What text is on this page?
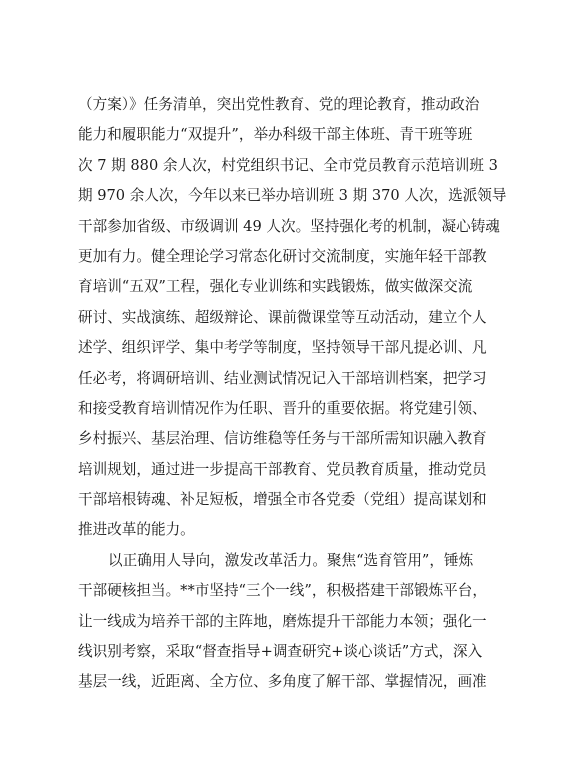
（方案）》任务清单，突出党性教育、党的理论教育，推动政治
能力和履职能力“双提升”，举办科级干部主体班、青干班等班
次 7 期 880 余人次，村党组织书记、全市党员教育示范培训班 3
期 970 余人次，今年以来已举办培训班 3 期 370 人次，选派领导
干部参加省级、市级调训 49 人次。坚持强化考的机制，凝心铸魂
更加有力。健全理论学习常态化研讨交流制度，实施年轻干部教
育培训“五双”工程，强化专业训练和实践锻炼，做实做深交流
研讨、实战演练、超级辩论、课前微课堂等互动活动，建立个人
述学、组织评学、集中考学等制度，坚持领导干部凡提必训、凡
任必考，将调研培训、结业测试情况记入干部培训档案，把学习
和接受教育培训情况作为任职、晋升的重要依据。将党建引领、
乡村振兴、基层治理、信访维稳等任务与干部所需知识融入教育
培训规划，通过进一步提高干部教育、党员教育质量，推动党员
干部培根铸魂、补足短板，增强全市各党委（党组）提高谋划和
推进改革的能力。
以正确用人导向，激发改革活力。聚焦“选育管用”，锤炼
干部硬核担当。**市坚持“三个一线”，积极搭建干部锻炼平台，
让一线成为培养干部的主阵地，磨炼提升干部能力本领；强化一
线识别考察，采取“督查指导+调查研究+谈心谈话”方式，深入
基层一线，近距离、全方位、多角度了解干部、掌握情况，画准
